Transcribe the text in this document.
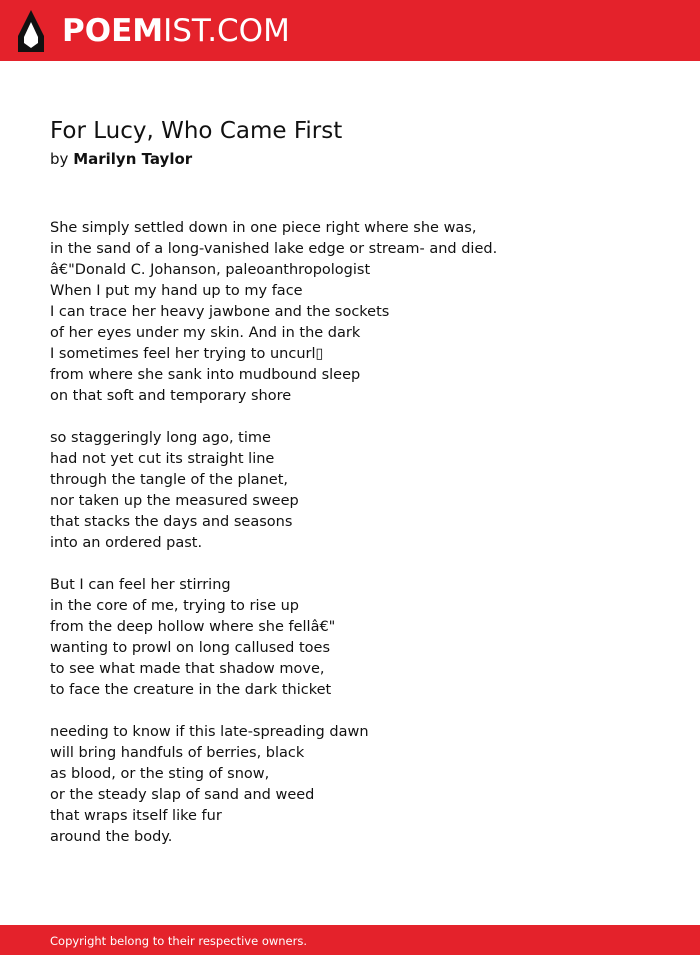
POEMIST.COM
For Lucy, Who Came First
by Marilyn Taylor
She simply settled down in one piece right where she was,
in the sand of a long-vanished lake edge or stream- and died.
â€"Donald C. Johanson, paleoanthropologist
When I put my hand up to my face
I can trace her heavy jawbone and the sockets
of her eyes under my skin. And in the dark
I sometimes feel her trying to uncurl▯
from where she sank into mudbound sleep
on that soft and temporary shore
so staggeringly long ago, time
had not yet cut its straight line
through the tangle of the planet,
nor taken up the measured sweep
that stacks the days and seasons
into an ordered past.
But I can feel her stirring
in the core of me, trying to rise up
from the deep hollow where she fellâ€"
wanting to prowl on long callused toes
to see what made that shadow move,
to face the creature in the dark thicket
needing to know if this late-spreading dawn
will bring handfuls of berries, black
as blood, or the sting of snow,
or the steady slap of sand and weed
that wraps itself like fur
around the body.
Copyright belong to their respective owners.
